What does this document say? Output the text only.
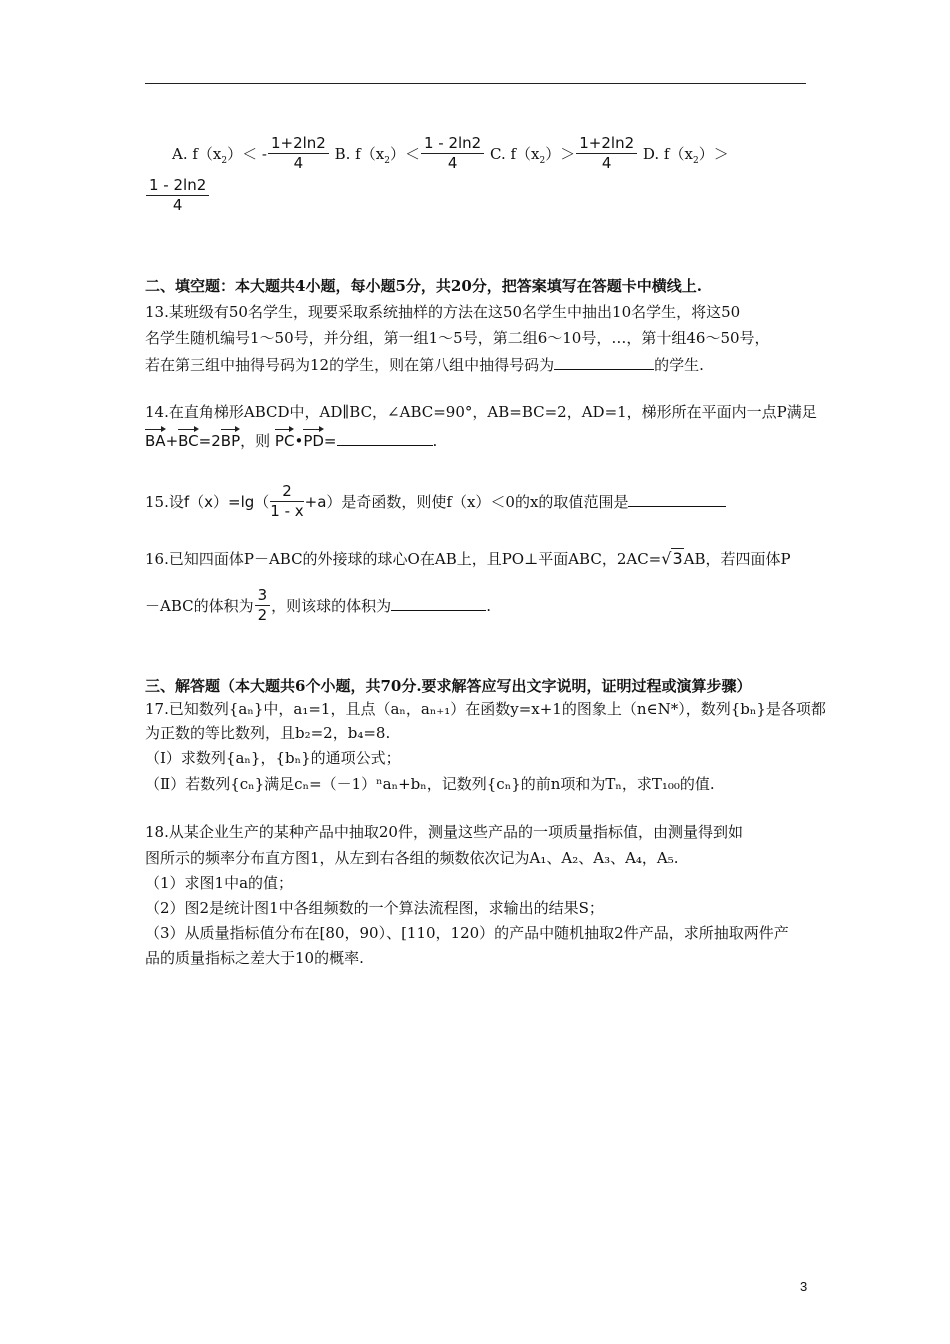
A. $f(x_2)< - \frac{1+2\ln 2}{4} B$. $f(x_2)< \frac{1 - 2\ln 2}{4} C$. $f(x_2)> \frac{1+2\ln 2}{4} D$. $f(x_2)>$
$\frac{1 - 2\ln 2}{4}$
二、填空题：本大题共4小题，每小题5分，共20分，把答案填写在答题卡中横线上.
13.某班级有50名学生，现要采取系统抽样的方法在这50名学生中抽出10名学生，将这50
名学生随机编号1～50号，并分组，第一组1～5号，第二组6～10号，…，第十组46～50号，
若在第三组中抽得号码为12的学生，则在第八组中抽得号码为	的学生.
14.在直角梯形ABCD中，AD∥BC，∠ABC=90°，AB=BC=2，AD=1，梯形所在平面内一点P满足
BA+BC=2BP，则 PC•PD=	.
15.设$f(x)=\lg( \frac{2}{1 - x} +a)$是奇函数，则使f（x）＜0的x的取值范围是
16.已知四面体P－ABC的外接球的球心O在AB上，且PO⊥平面ABC，2AC=√3AB，若四面体P
－ABC的体积为 $\frac{3}{2}$ ，则该球的体积为	.
三、解答题（本大题共6个小题，共70分.要求解答应写出文字说明，证明过程或演算步骤）
17.已知数列{aₙ}中，a₁=1，且点（aₙ，aₙ₊₁）在函数y=x+1的图象上（n∈N*），数列{bₙ}是各项都
为正数的等比数列，且b₂=2，b₄=8.
（Ⅰ）求数列{aₙ}，{bₙ}的通项公式；
（Ⅱ）若数列{cₙ}满足cₙ=（－1）ⁿaₙ+bₙ，记数列{cₙ}的前n项和为Tₙ，求T₁₀₀的值.
18.从某企业生产的某种产品中抽取20件，测量这些产品的一项质量指标值，由测量得到如
图所示的频率分布直方图1，从左到右各组的频数依次记为A₁、A₂、A₃、A₄，A₅.
（1）求图1中a的值；
（2）图2是统计图1中各组频数的一个算法流程图，求输出的结果S；
（3）从质量指标值分布在[80，90）、[110，120）的产品中随机抽取2件产品，求所抽取两件产
品的质量指标之差大于10的概率.
3
